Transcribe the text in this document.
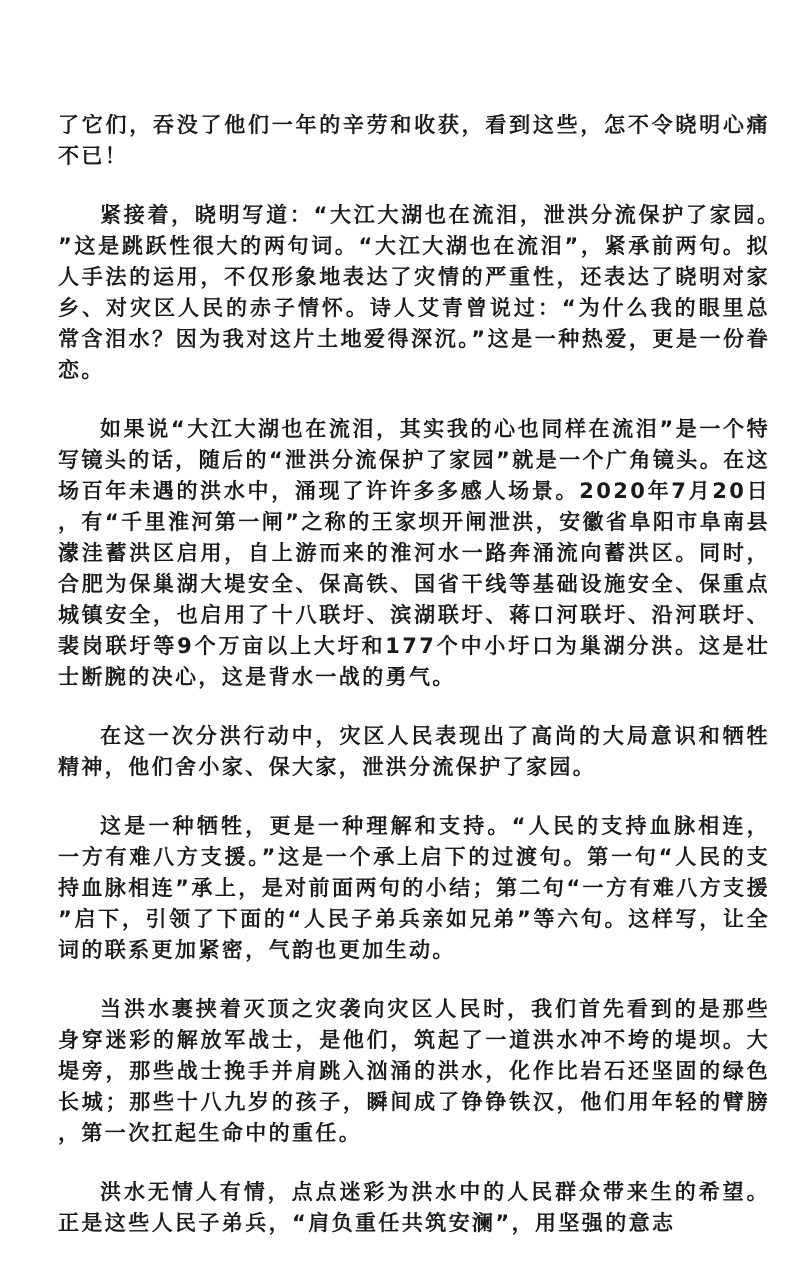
了它们，吞没了他们一年的辛劳和收获，看到这些，怎不令晓明心痛不已！

紧接着，晓明写道：“大江大湖也在流泪，泄洪分流保护了家园。”这是跳跃性很大的两句词。“大江大湖也在流泪”，紧承前两句。拟人手法的运用，不仅形象地表达了灾情的严重性，还表达了晓明对家乡、对灾区人民的赤子情怀。诗人艾青曾说过：“为什么我的眼里总常含泪水？因为我对这片土地爱得深沉。”这是一种热爱，更是一份眷恋。

如果说“大江大湖也在流泪，其实我的心也同样在流泪”是一个特写镜头的话，随后的“泄洪分流保护了家园”就是一个广角镜头。在这场百年未遇的洪水中，涌现了许许多多感人场景。2020年7月20日，有“千里淮河第一闸”之称的王家坝开闸泄洪，安徽省阜阳市阜南县濛洼蓄洪区启用，自上游而来的淮河水一路奔涌流向蓄洪区。同时，合肥为保巢湖大堤安全、保高铁、国省干线等基础设施安全、保重点城镇安全，也启用了十八联圩、滨湖联圩、蒋口河联圩、沿河联圩、裴岗联圩等9个万亩以上大圩和177个中小圩口为巢湖分洪。这是壮士断腕的决心，这是背水一战的勇气。

在这一次分洪行动中，灾区人民表现出了高尚的大局意识和牺牲精神，他们舍小家、保大家，泄洪分流保护了家园。

这是一种牺牲，更是一种理解和支持。“人民的支持血脉相连，一方有难八方支援。”这是一个承上启下的过渡句。第一句“人民的支持血脉相连”承上，是对前面两句的小结；第二句“一方有难八方支援”启下，引领了下面的“人民子弟兵亲如兄弟”等六句。这样写，让全词的联系更加紧密，气韵也更加生动。

当洪水裹挟着灭顶之灾袭向灾区人民时，我们首先看到的是那些身穿迷彩的解放军战士，是他们，筑起了一道洪水冲不垮的堤坝。大堤旁，那些战士挽手并肩跳入汹涌的洪水，化作比岩石还坚固的绿色长城；那些十八九岁的孩子，瞬间成了铮铮铁汉，他们用年轻的臂膀，第一次扛起生命中的重任。

洪水无情人有情，点点迷彩为洪水中的人民群众带来生的希望。正是这些人民子弟兵，“肩负重任共筑安澜”，用坚强的意志
